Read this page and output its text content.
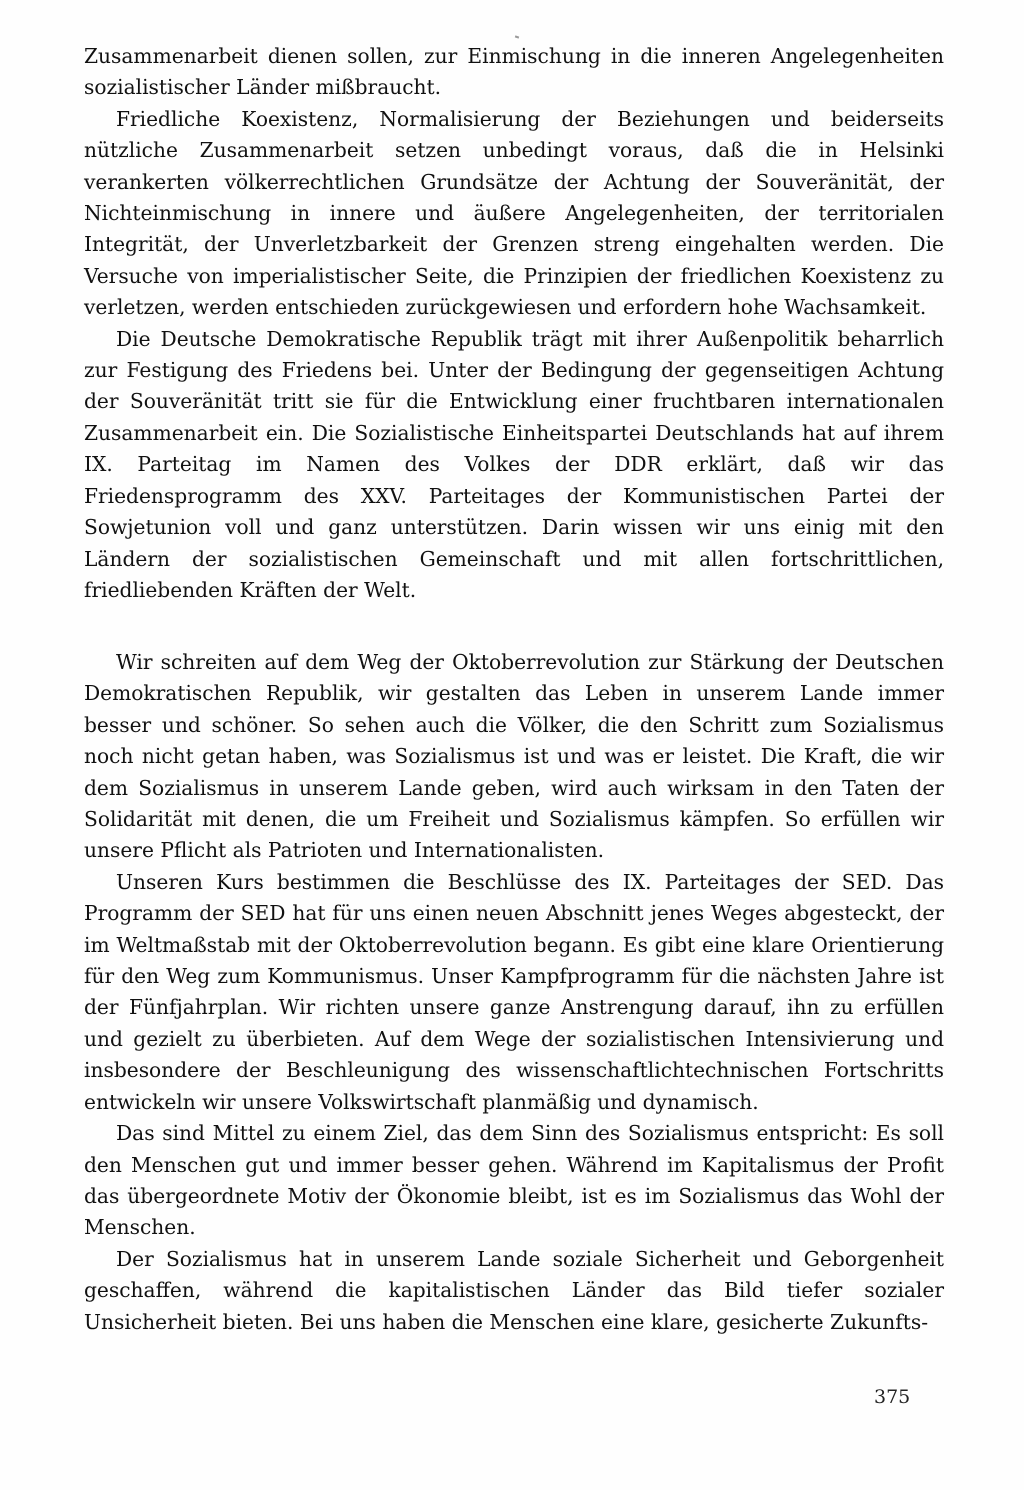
Zusammenarbeit dienen sollen, zur Einmischung in die inneren Angelegenheiten sozialistischer Länder mißbraucht.

Friedliche Koexistenz, Normalisierung der Beziehungen und beiderseits nützliche Zusammenarbeit setzen unbedingt voraus, daß die in Helsinki verankerten völkerrechtlichen Grundsätze der Achtung der Souveränität, der Nichteinmischung in innere und äußere Angelegenheiten, der territorialen Integrität, der Unverletzbarkeit der Grenzen streng eingehalten werden. Die Versuche von imperialistischer Seite, die Prinzipien der friedlichen Koexistenz zu verletzen, werden entschieden zurückgewiesen und erfordern hohe Wachsamkeit.

Die Deutsche Demokratische Republik trägt mit ihrer Außenpolitik beharrlich zur Festigung des Friedens bei. Unter der Bedingung der gegenseitigen Achtung der Souveränität tritt sie für die Entwicklung einer fruchtbaren internationalen Zusammenarbeit ein. Die Sozialistische Einheitspartei Deutschlands hat auf ihrem IX. Parteitag im Namen des Volkes der DDR erklärt, daß wir das Friedensprogramm des XXV. Parteitages der Kommunistischen Partei der Sowjetunion voll und ganz unterstützen. Darin wissen wir uns einig mit den Ländern der sozialistischen Gemeinschaft und mit allen fortschrittlichen, friedliebenden Kräften der Welt.

Wir schreiten auf dem Weg der Oktoberrevolution zur Stärkung der Deutschen Demokratischen Republik, wir gestalten das Leben in unserem Lande immer besser und schöner. So sehen auch die Völker, die den Schritt zum Sozialismus noch nicht getan haben, was Sozialismus ist und was er leistet. Die Kraft, die wir dem Sozialismus in unserem Lande geben, wird auch wirksam in den Taten der Solidarität mit denen, die um Freiheit und Sozialismus kämpfen. So erfüllen wir unsere Pflicht als Patrioten und Internationalisten.

Unseren Kurs bestimmen die Beschlüsse des IX. Parteitages der SED. Das Programm der SED hat für uns einen neuen Abschnitt jenes Weges abgesteckt, der im Weltmaßstab mit der Oktoberrevolution begann. Es gibt eine klare Orientierung für den Weg zum Kommunismus. Unser Kampfprogramm für die nächsten Jahre ist der Fünfjahrplan. Wir richten unsere ganze Anstrengung darauf, ihn zu erfüllen und gezielt zu überbieten. Auf dem Wege der sozialistischen Intensivierung und insbesondere der Beschleunigung des wissenschaftlichtechnischen Fortschritts entwickeln wir unsere Volkswirtschaft planmäßig und dynamisch.

Das sind Mittel zu einem Ziel, das dem Sinn des Sozialismus entspricht: Es soll den Menschen gut und immer besser gehen. Während im Kapitalismus der Profit das übergeordnete Motiv der Ökonomie bleibt, ist es im Sozialismus das Wohl der Menschen.

Der Sozialismus hat in unserem Lande soziale Sicherheit und Geborgenheit geschaffen, während die kapitalistischen Länder das Bild tiefer sozialer Unsicherheit bieten. Bei uns haben die Menschen eine klare, gesicherte Zukunfts-

375
